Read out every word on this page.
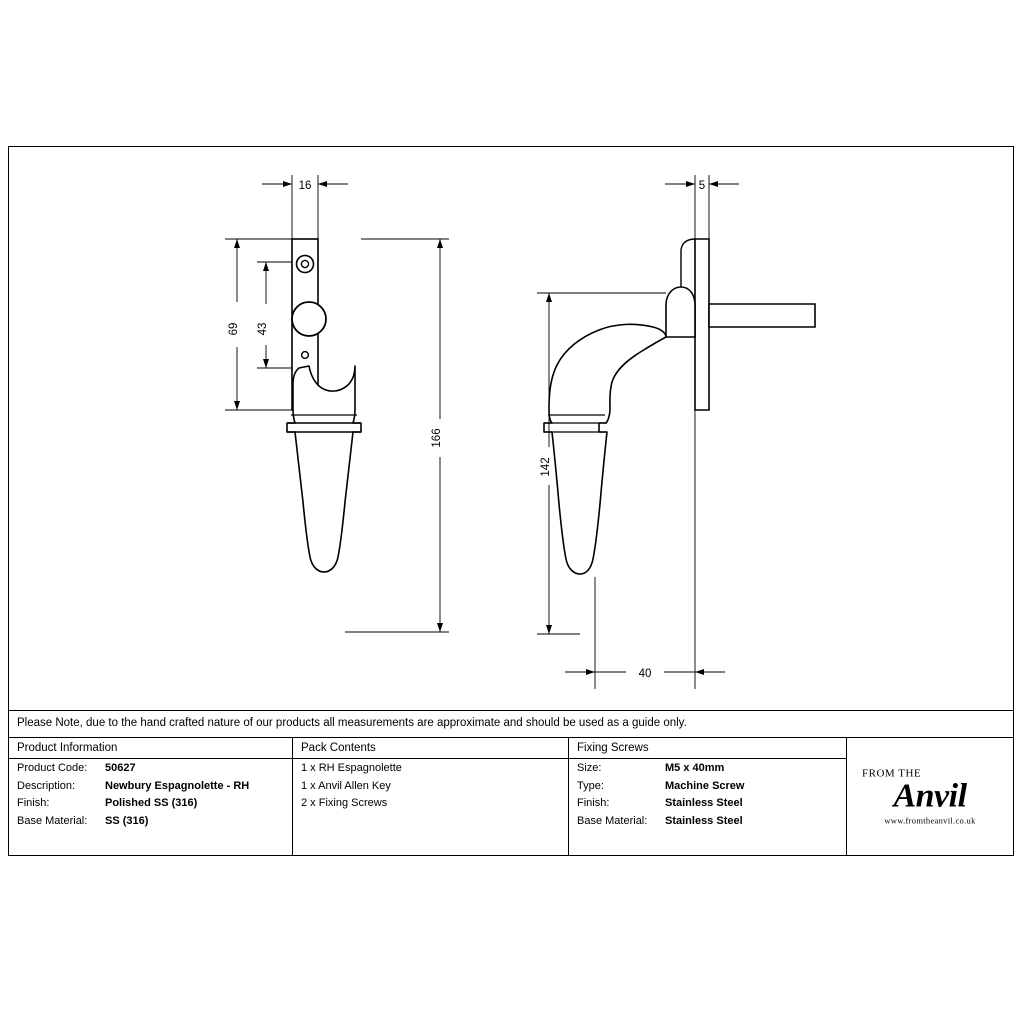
16
69 43
166
5
142
40
Please Note, due to the hand crafted nature of our products all measurements are approximate and should be used as a guide only.
Product Information
Product Code: 50627
Description:	Newbury Espagnolette - RH
Finish:	Polished SS (316)
Base Material: SS (316)
Pack Contents
1 x RH Espagnolette
1 x Anvil Allen Key
2 x Fixing Screws
Fixing Screws
Size:	M5 x 40mm
Type:	Machine Screw
Finish:	Stainless Steel
Base Material: Stainless Steel
FROM THE
Anvil
www.fromtheanvil.co.uk
